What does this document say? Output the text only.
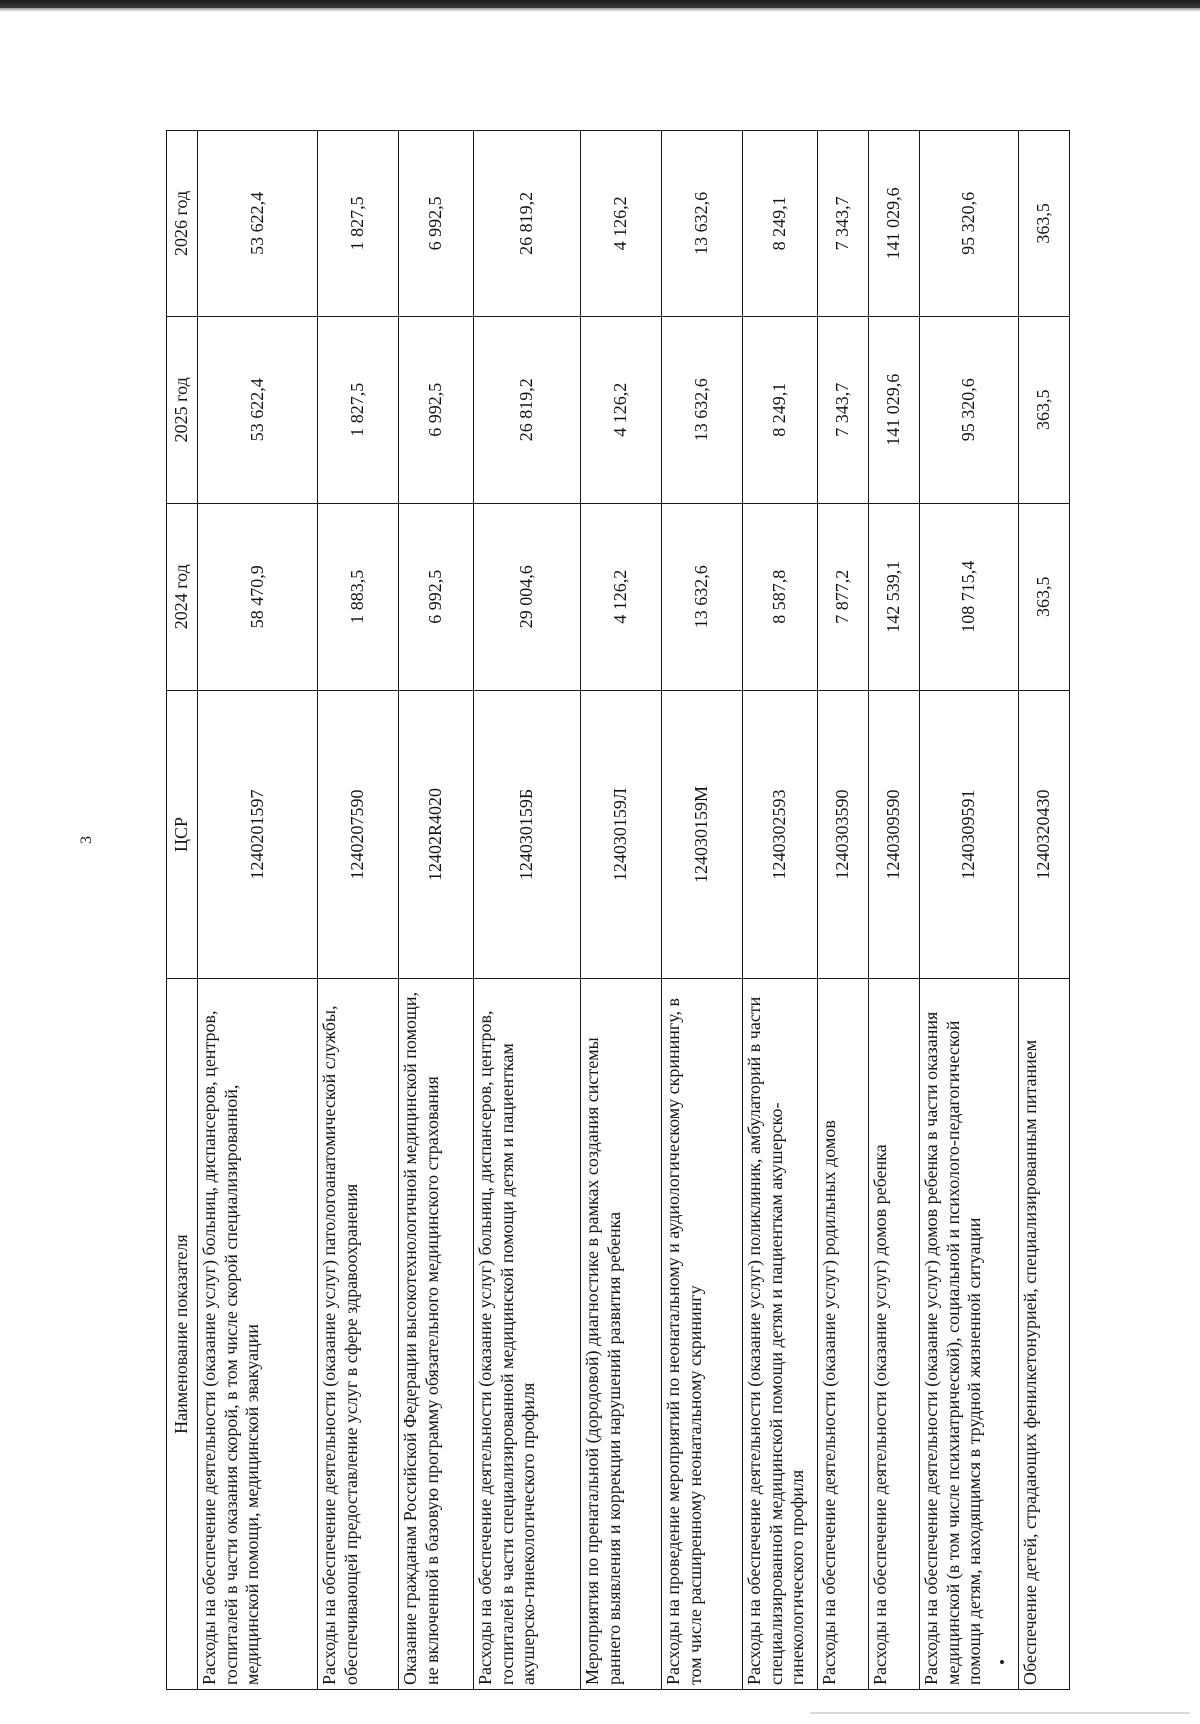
3
Наименование показателя	ЦСР	2024 год	2025 год	2026 год
Расходы на обеспечение деятельности (оказание услуг) больниц, диспансеров, центров, госпиталей в части оказания скорой, в том числе скорой специализированной, медицинской помощи, медицинской эвакуации	1240201597	58 470,9	53 622,4	53 622,4
Расходы на обеспечение деятельности (оказание услуг) патологоанатомической службы, обеспечивающей предоставление услуг в сфере здравоохранения	1240207590	1 883,5	1 827,5	1 827,5
Оказание гражданам Российской Федерации высокотехнологичной медицинской помощи, не включенной в базовую программу обязательного медицинского страхования	12402R4020	6 992,5	6 992,5	6 992,5
Расходы на обеспечение деятельности (оказание услуг) больниц, диспансеров, центров, госпиталей в части специализированной медицинской помощи детям и пациенткам акушерско-гинекологического профиля	124030159Б	29 004,6	26 819,2	26 819,2
Мероприятия по пренатальной (дородовой) диагностике в рамках создания системы раннего выявления и коррекции нарушений развития ребенка	124030159Л	4 126,2	4 126,2	4 126,2
Расходы на проведение мероприятий по неонатальному и аудиологическому скринингу, в том числе расширенному неонатальному скринингу	124030159М	13 632,6	13 632,6	13 632,6
Расходы на обеспечение деятельности (оказание услуг) поликлиник, амбулаторий в части специализированной медицинской помощи детям и пациенткам акушерско-гинекологического профиля	1240302593	8 587,8	8 249,1	8 249,1
Расходы на обеспечение деятельности (оказание услуг) родильных домов	1240303590	7 877,2	7 343,7	7 343,7
Расходы на обеспечение деятельности (оказание услуг) домов ребенка	1240309590	142 539,1	141 029,6	141 029,6
Расходы на обеспечение деятельности (оказание услуг) домов ребенка в части оказания медицинской (в том числе психиатрической), социальной и психолого-педагогической помощи детям, находящимся в трудной жизненной ситуации	1240309591	108 715,4	95 320,6	95 320,6
Обеспечение детей, страдающих фенилкетонурией, специализированным питанием	1240320430	363,5	363,5	363,5
